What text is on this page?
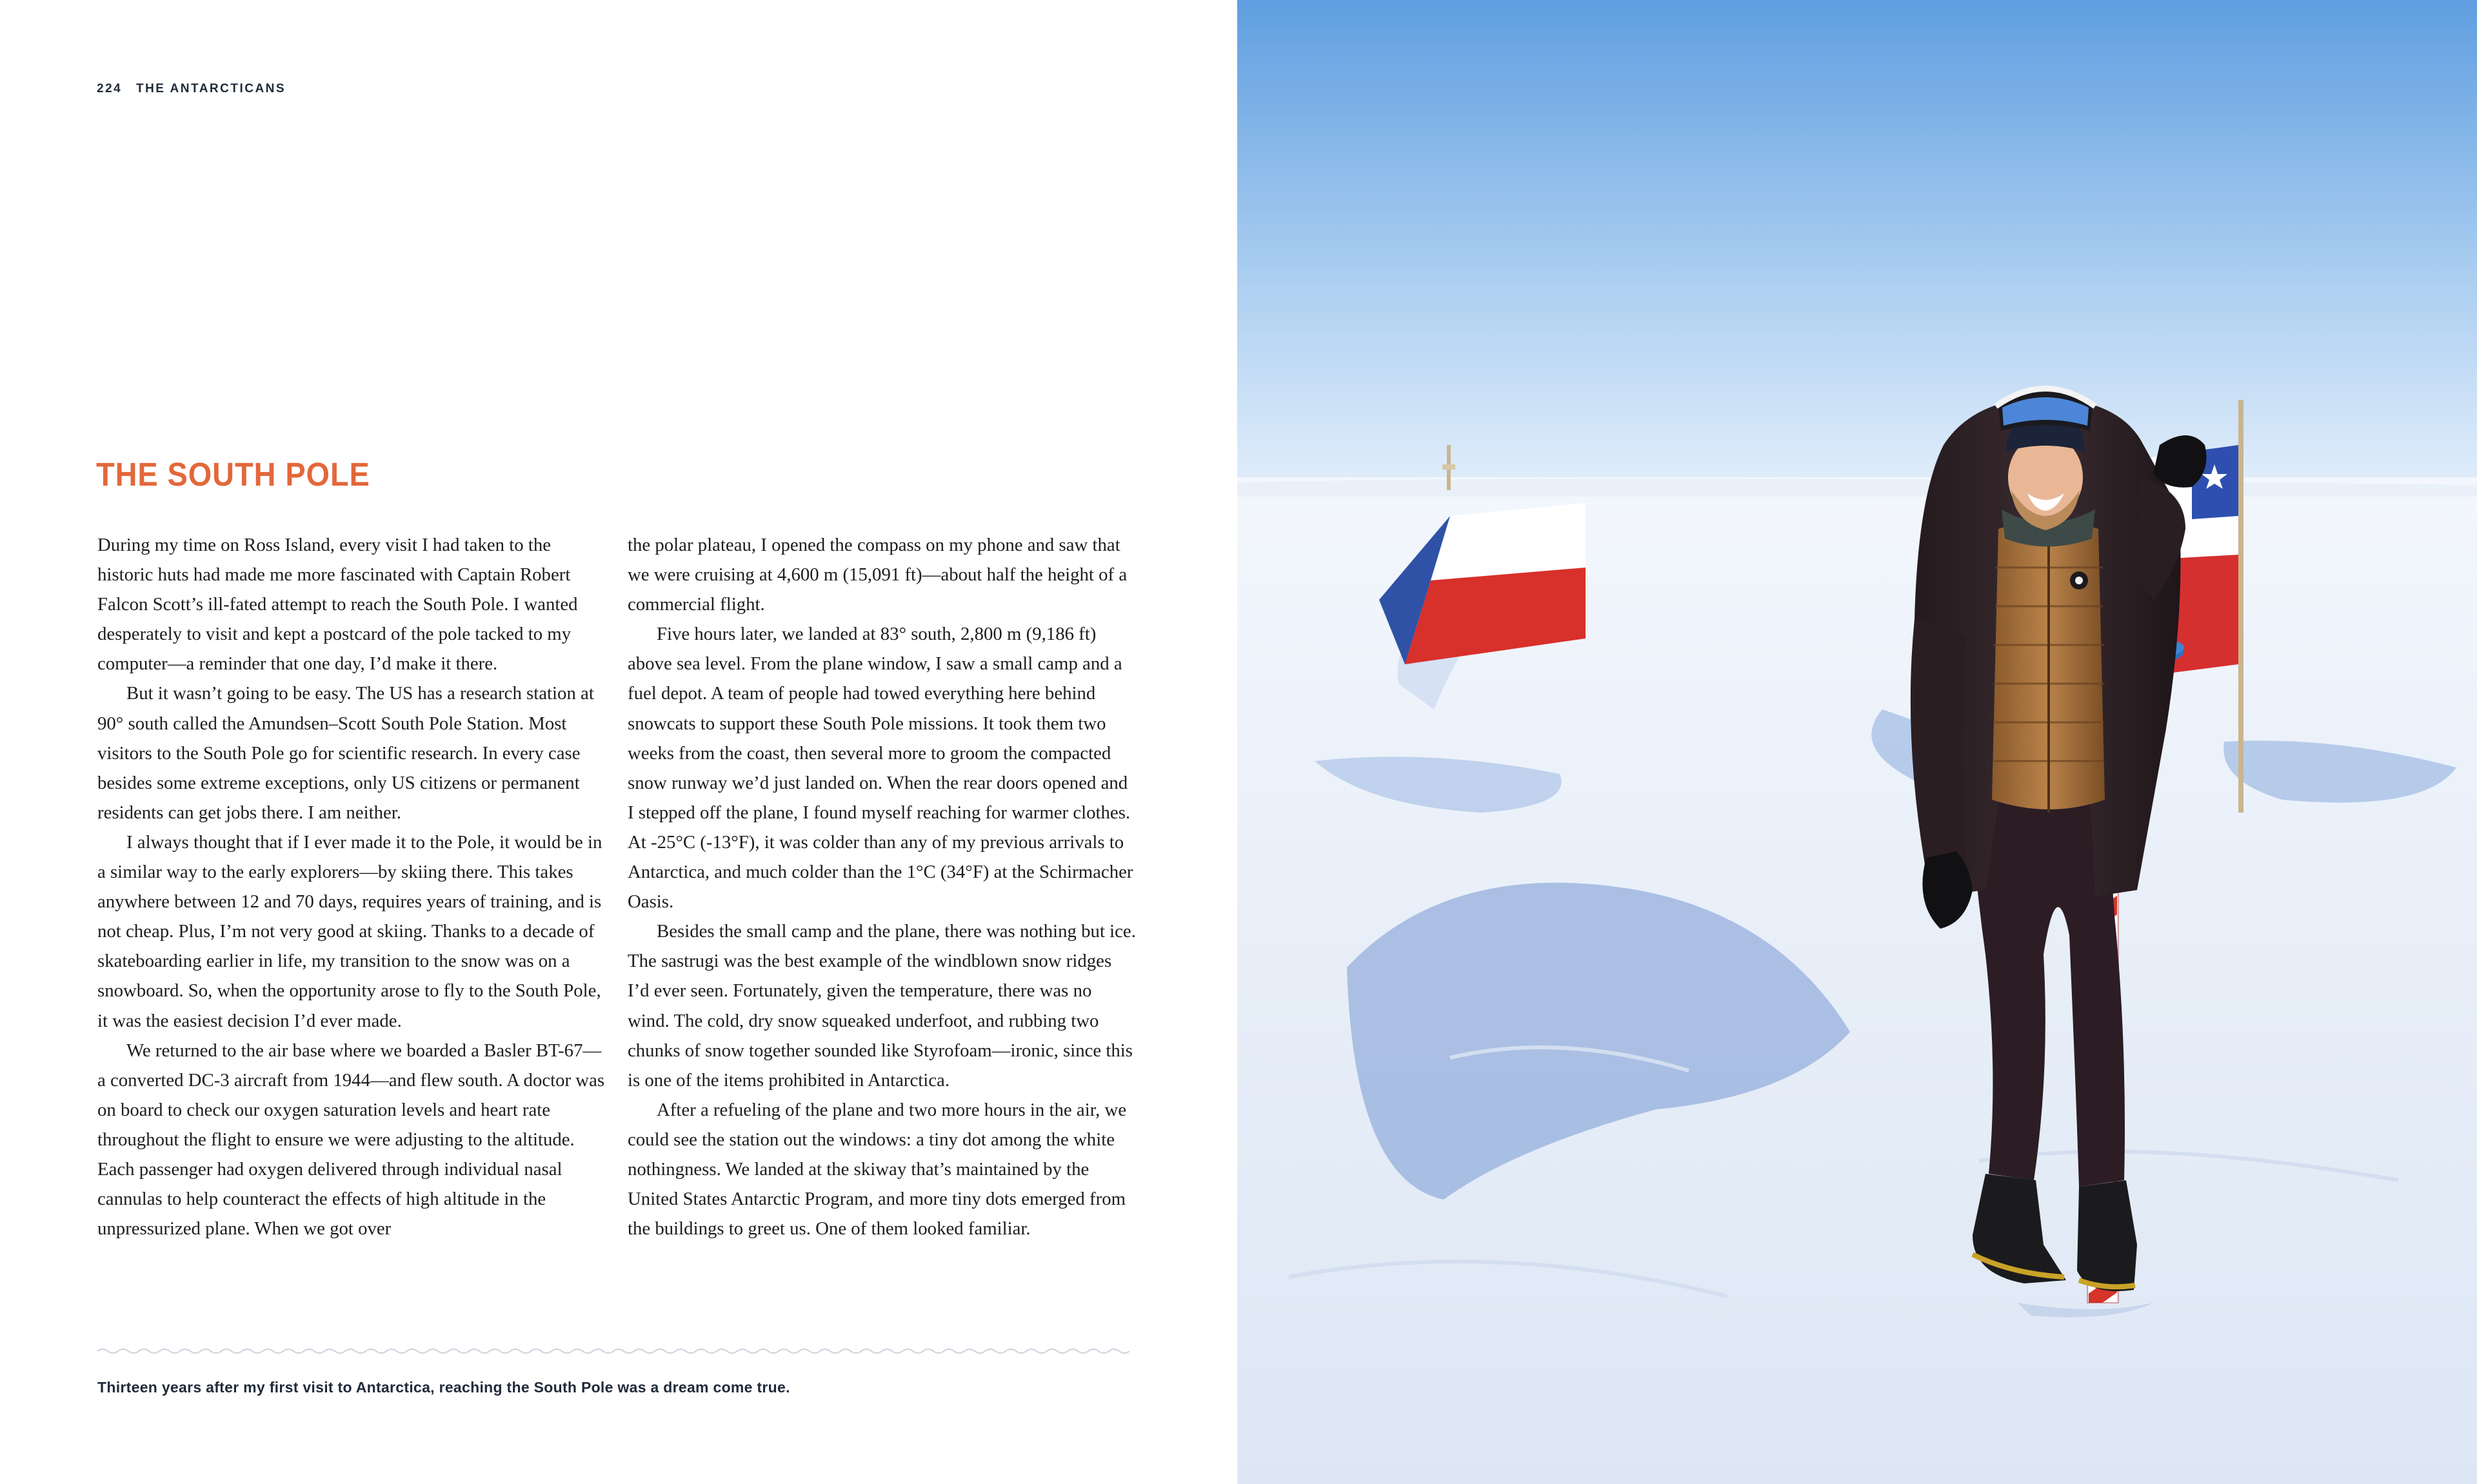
224 THE ANTARCTICANS
THE SOUTH POLE

During my time on Ross Island, every visit I had taken to the historic huts had made me more fascinated with Captain Robert Falcon Scott’s ill-fated attempt to reach the South Pole. I wanted desperately to visit and kept a postcard of the pole tacked to my computer—a reminder that one day, I’d make it there.

But it wasn’t going to be easy. The US has a research station at 90° south called the Amundsen–Scott South Pole Station. Most visitors to the South Pole go for scientific research. In every case besides some extreme exceptions, only US citizens or permanent residents can get jobs there. I am neither.

I always thought that if I ever made it to the Pole, it would be in a similar way to the early explorers—by skiing there. This takes anywhere between 12 and 70 days, requires years of training, and is not cheap. Plus, I’m not very good at skiing. Thanks to a decade of skateboarding earlier in life, my transition to the snow was on a snowboard. So, when the opportunity arose to fly to the South Pole, it was the easiest decision I’d ever made.

We returned to the air base where we boarded a Basler BT-67—a converted DC-3 aircraft from 1944—and flew south. A doctor was on board to check our oxygen saturation levels and heart rate throughout the flight to ensure we were adjusting to the altitude. Each passenger had oxygen delivered through individual nasal cannulas to help counteract the effects of high altitude in the unpressurized plane. When we got over

the polar plateau, I opened the compass on my phone and saw that we were cruising at 4,600 m (15,091 ft)—about half the height of a commercial flight.

Five hours later, we landed at 83° south, 2,800 m (9,186 ft) above sea level. From the plane window, I saw a small camp and a fuel depot. A team of people had towed everything here behind snowcats to support these South Pole missions. It took them two weeks from the coast, then several more to groom the compacted snow runway we’d just landed on. When the rear doors opened and I stepped off the plane, I found myself reaching for warmer clothes. At -25°C (-13°F), it was colder than any of my previous arrivals to Antarctica, and much colder than the 1°C (34°F) at the Schirmacher Oasis.

Besides the small camp and the plane, there was nothing but ice. The sastrugi was the best example of the windblown snow ridges I’d ever seen. Fortunately, given the temperature, there was no wind. The cold, dry snow squeaked underfoot, and rubbing two chunks of snow together sounded like Styrofoam—ironic, since this is one of the items prohibited in Antarctica.

After a refueling of the plane and two more hours in the air, we could see the station out the windows: a tiny dot among the white nothingness. We landed at the skiway that’s maintained by the United States Antarctic Program, and more tiny dots emerged from the buildings to greet us. One of them looked familiar.

Thirteen years after my first visit to Antarctica, reaching the South Pole was a dream come true.
